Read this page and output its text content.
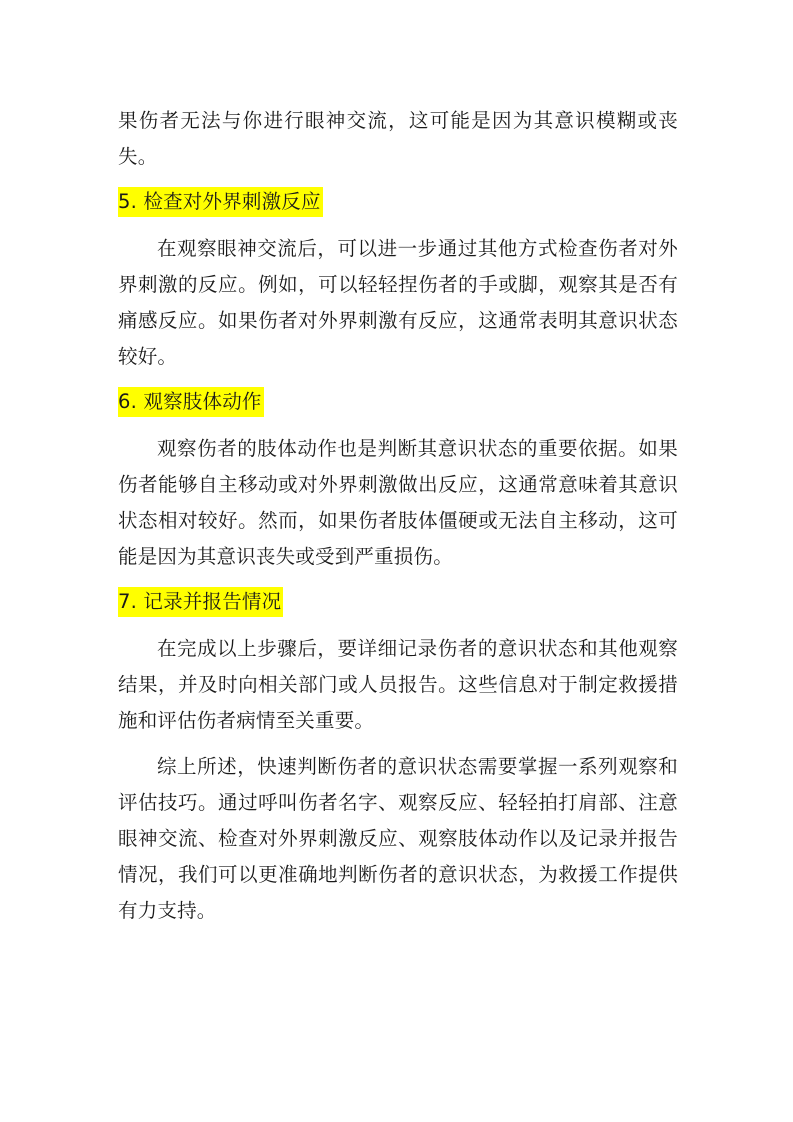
果伤者无法与你进行眼神交流，这可能是因为其意识模糊或丧失。

5. 检查对外界刺激反应

在观察眼神交流后，可以进一步通过其他方式检查伤者对外界刺激的反应。例如，可以轻轻捏伤者的手或脚，观察其是否有痛感反应。如果伤者对外界刺激有反应，这通常表明其意识状态较好。

6. 观察肢体动作

观察伤者的肢体动作也是判断其意识状态的重要依据。如果伤者能够自主移动或对外界刺激做出反应，这通常意味着其意识状态相对较好。然而，如果伤者肢体僵硬或无法自主移动，这可能是因为其意识丧失或受到严重损伤。

7. 记录并报告情况

在完成以上步骤后，要详细记录伤者的意识状态和其他观察结果，并及时向相关部门或人员报告。这些信息对于制定救援措施和评估伤者病情至关重要。

综上所述，快速判断伤者的意识状态需要掌握一系列观察和评估技巧。通过呼叫伤者名字、观察反应、轻轻拍打肩部、注意眼神交流、检查对外界刺激反应、观察肢体动作以及记录并报告情况，我们可以更准确地判断伤者的意识状态，为救援工作提供有力支持。
